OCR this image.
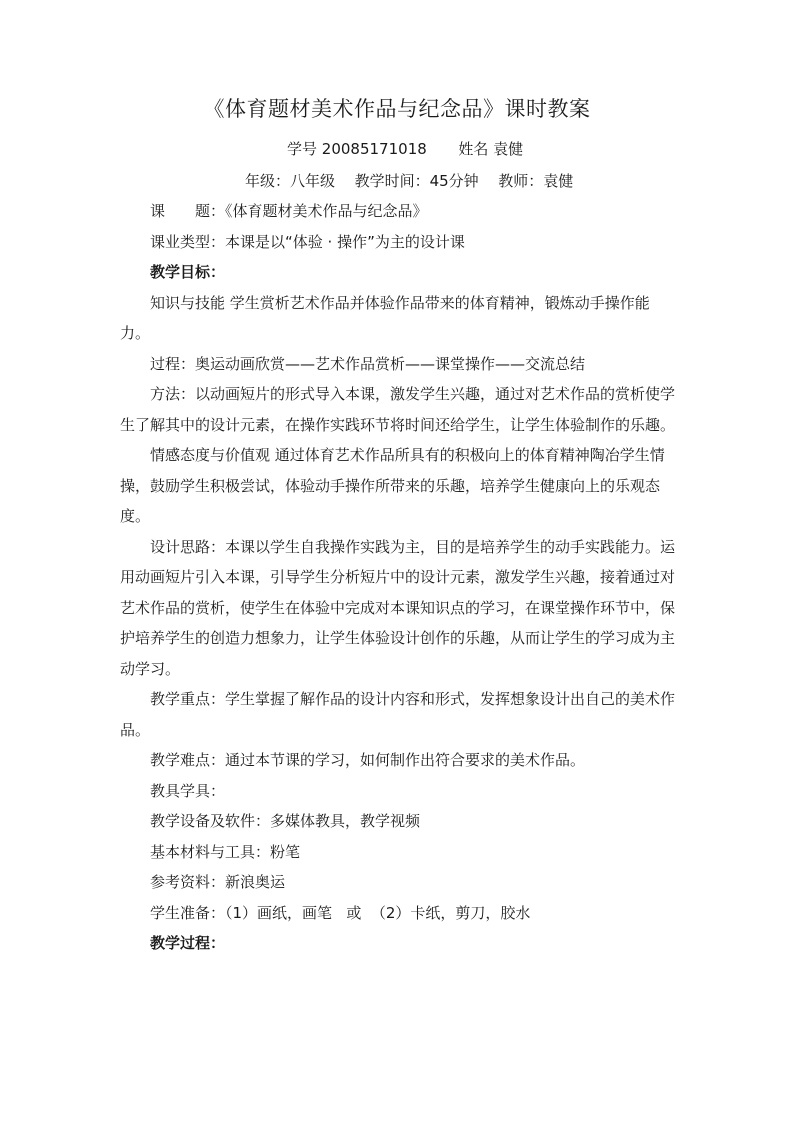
《体育题材美术作品与纪念品》课时教案
学号 20085171018 姓名 袁健
年级：八年级 教学时间：45分钟 教师：袁健

课 题：《体育题材美术作品与纪念品》

课业类型：本课是以“体验 · 操作”为主的设计课

教学目标：

知识与技能 学生赏析艺术作品并体验作品带来的体育精神，锻炼动手操作能力。

过程：奥运动画欣赏——艺术作品赏析——课堂操作——交流总结

方法：以动画短片的形式导入本课，激发学生兴趣，通过对艺术作品的赏析使学生了解其中的设计元素，在操作实践环节将时间还给学生，让学生体验制作的乐趣。

情感态度与价值观 通过体育艺术作品所具有的积极向上的体育精神陶冶学生情操，鼓励学生积极尝试，体验动手操作所带来的乐趣，培养学生健康向上的乐观态度。

设计思路：本课以学生自我操作实践为主，目的是培养学生的动手实践能力。运用动画短片引入本课，引导学生分析短片中的设计元素，激发学生兴趣，接着通过对艺术作品的赏析，使学生在体验中完成对本课知识点的学习，在课堂操作环节中，保护培养学生的创造力想象力，让学生体验设计创作的乐趣，从而让学生的学习成为主动学习。

教学重点：学生掌握了解作品的设计内容和形式，发挥想象设计出自己的美术作品。

教学难点：通过本节课的学习，如何制作出符合要求的美术作品。

教具学具：

教学设备及软件：多媒体教具，教学视频

基本材料与工具：粉笔

参考资料：新浪奥运

学生准备：（1）画纸，画笔   或  （2）卡纸，剪刀，胶水

教学过程：
